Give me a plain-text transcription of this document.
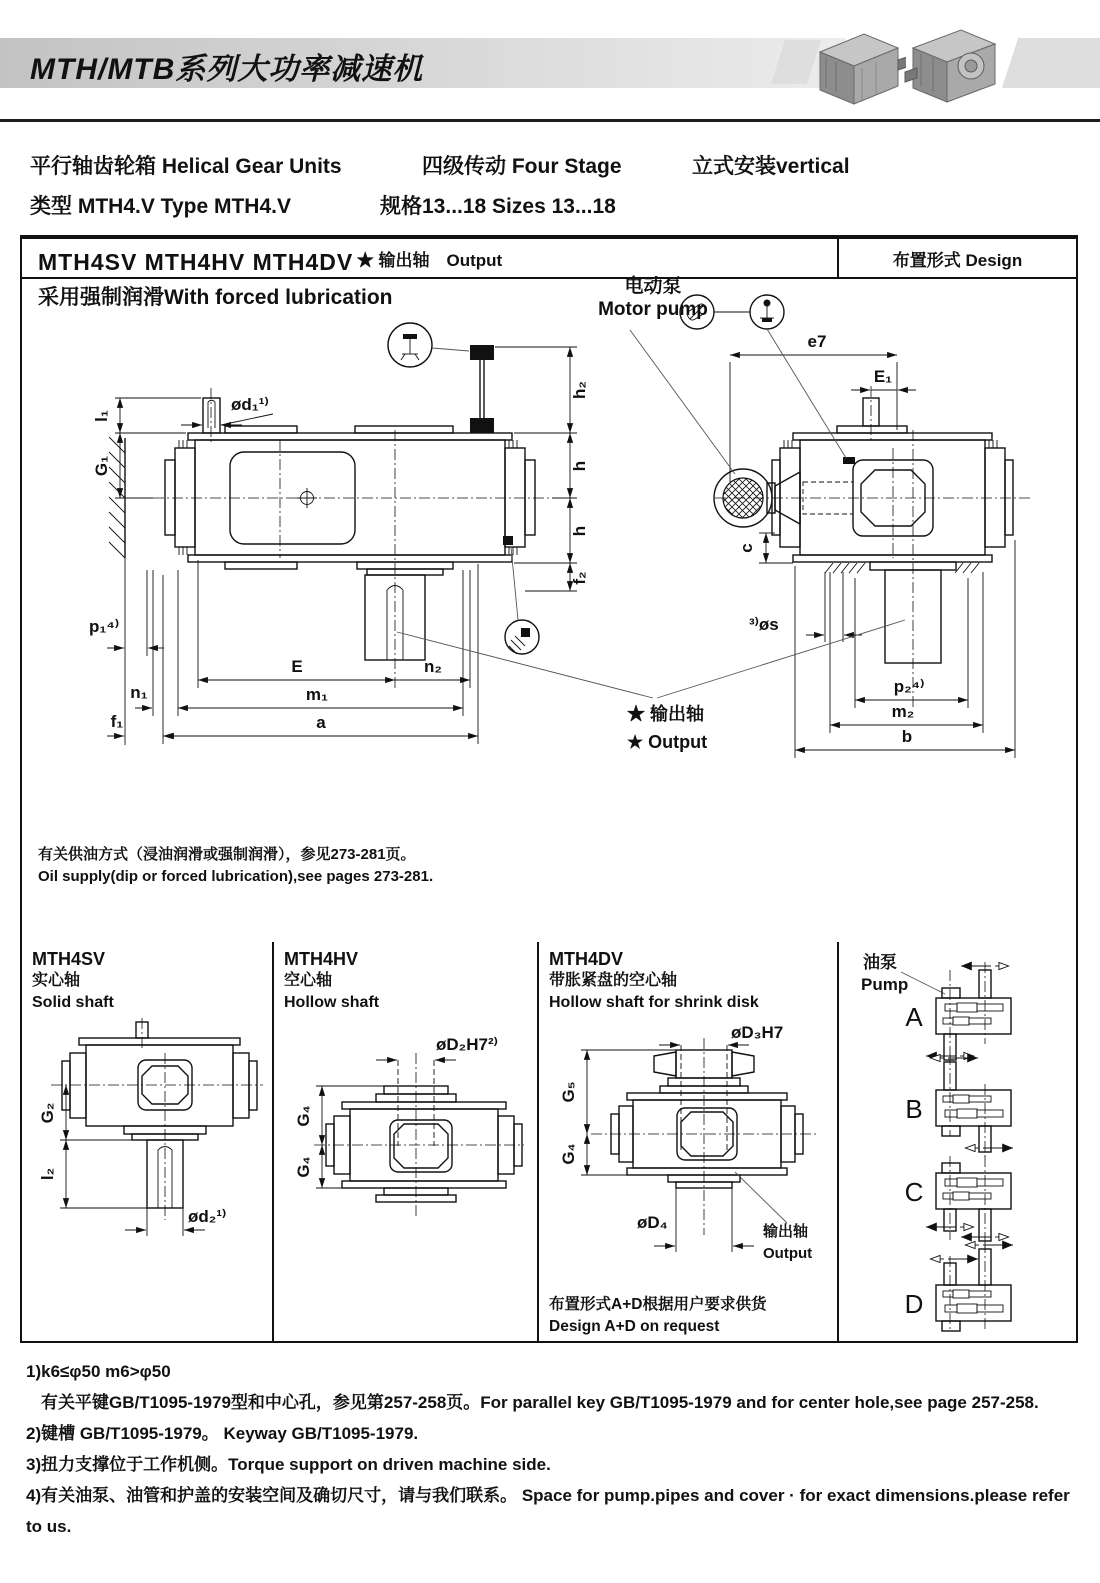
MTH/MTB系列大功率减速机
平行轴齿轮箱 Helical Gear Units	四级传动 Four Stage	立式安装vertical
类型 MTH4.V Type MTH4.V	规格13...18 Sizes 13...18
MTH4SV MTH4HV MTH4DV
采用强制润滑With forced lubrication	电动泵
Motor pump
l₁
G₁
ød₁¹⁾
p₁⁴⁾
h₂
h
h
f₂
E	n₂
n₁	m₁
f₁	a
e7
E₁
c
³⁾øs
p₂⁴⁾
m₂
b
★ 输出轴
★ Output
有关供油方式（浸油润滑或强制润滑），参见273-281页。
Oil supply(dip or forced lubrication),see pages 273-281.
★ 输出轴　Output	布置形式 Design
MTH4SV
实心轴
Solid shaft
G₂
l₂
ød₂¹⁾
MTH4HV
空心轴
Hollow shaft
øD₂H7²⁾
G₄
G₄
MTH4DV
带胀紧盘的空心轴
Hollow shaft for shrink disk
øD₃H7
G₅
G₄
øD₄	输出轴
Output
布置形式A+D根据用户要求供货
Design A+D on request
油泵
Pump
A
B
C
D
1)k6≤φ50 m6>φ50
有关平键GB/T1095-1979型和中心孔，参见第257-258页。For parallel key GB/T1095-1979 and for center hole,see page 257-258.
2)键槽 GB/T1095-1979。 Keyway GB/T1095-1979.
3)扭力支撑位于工作机侧。Torque support on driven machine side.
4)有关油泵、油管和护盖的安装空间及确切尺寸，请与我们联系。 Space for pump.pipes and cover · for exact dimensions.please refer to us.
